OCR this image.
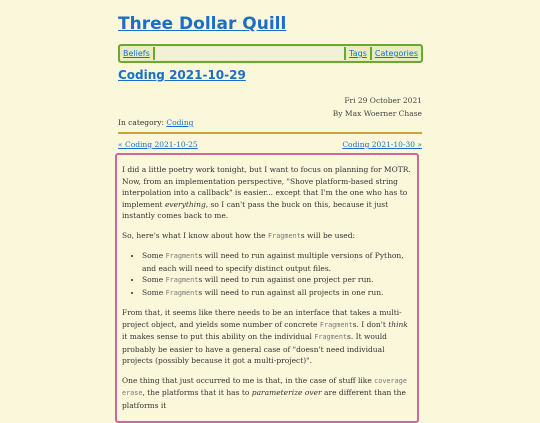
Three Dollar Quill
Beliefs	Tags	Categories
Coding 2021-10-29
Fri 29 October 2021
By Max Woerner Chase
In category: Coding
« Coding 2021-10-25	Coding 2021-10-30 »

I did a little poetry work tonight, but I want to focus on planning for MOTR. Now, from an implementation perspective, "Shove platform-based string interpolation into a callback" is easier... except that I'm the one who has to implement everything, so I can't pass the buck on this, because it just instantly comes back to me.

So, here's what I know about how the Fragments will be used:

• Some Fragments will need to run against multiple versions of Python, and each will need to specify distinct output files.
• Some Fragments will need to run against one project per run.
• Some Fragments will need to run against all projects in one run.

From that, it seems like there needs to be an interface that takes a multi-project object, and yields some number of concrete Fragments. I don't think it makes sense to put this ability on the individual Fragments. It would probably be easier to have a general case of "doesn't need individual projects (possibly because it got a multi-project)".

One thing that just occurred to me is that, in the case of stuff like coverage erase, the platforms that it has to parameterize over are different than the platforms it
